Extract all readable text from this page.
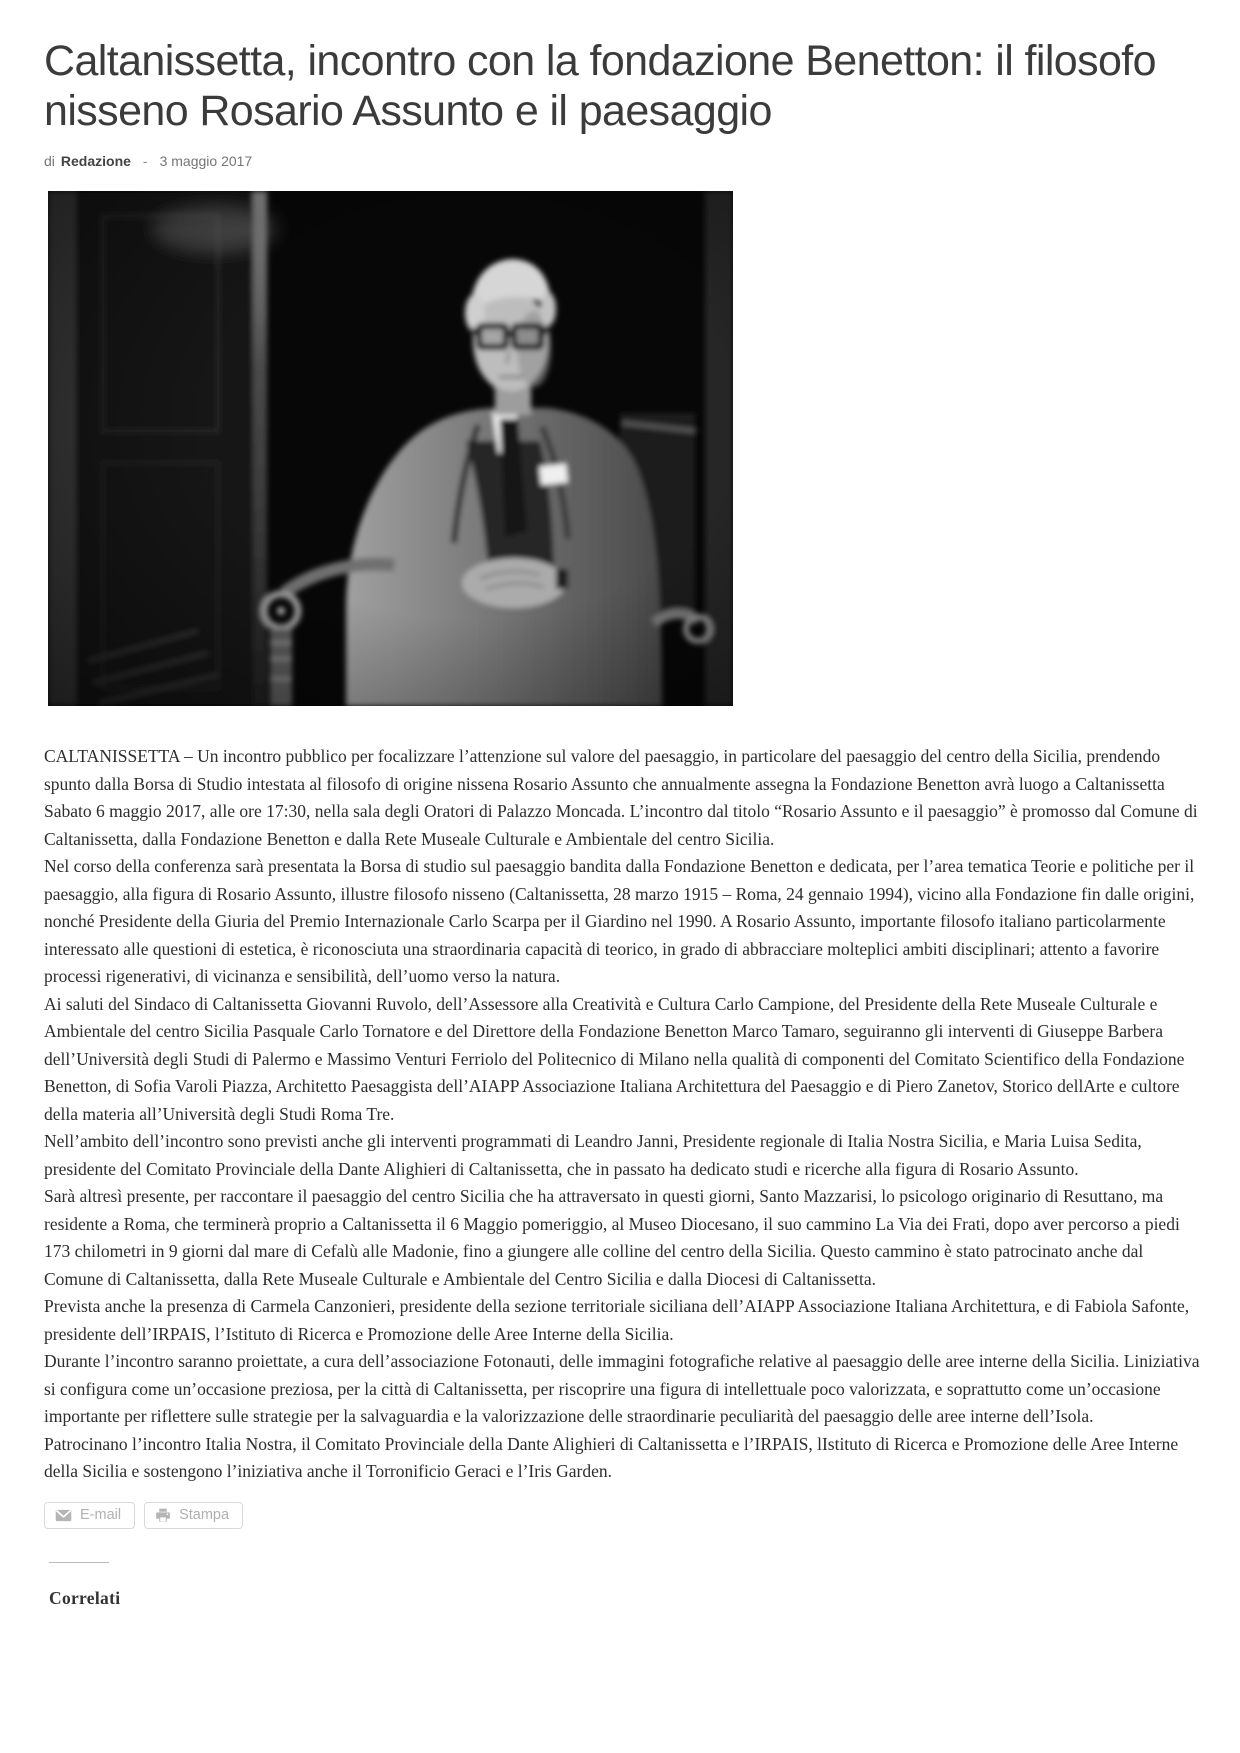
Caltanissetta, incontro con la fondazione Benetton: il filosofo nisseno Rosario Assunto e il paesaggio
di Redazione - 3 maggio 2017

CALTANISSETTA – Un incontro pubblico per focalizzare l’attenzione sul valore del paesaggio, in particolare del paesaggio del centro della Sicilia, prendendo spunto dalla Borsa di Studio intestata al filosofo di origine nissena Rosario Assunto che annualmente assegna la Fondazione Benetton avrà luogo a Caltanissetta Sabato 6 maggio 2017, alle ore 17:30, nella sala degli Oratori di Palazzo Moncada. L’incontro dal titolo “Rosario Assunto e il paesaggio” è promosso dal Comune di Caltanissetta, dalla Fondazione Benetton e dalla Rete Museale Culturale e Ambientale del centro Sicilia.

Nel corso della conferenza sarà presentata la Borsa di studio sul paesaggio bandita dalla Fondazione Benetton e dedicata, per l’area tematica Teorie e politiche per il paesaggio, alla figura di Rosario Assunto, illustre filosofo nisseno (Caltanissetta, 28 marzo 1915 – Roma, 24 gennaio 1994), vicino alla Fondazione fin dalle origini, nonché Presidente della Giuria del Premio Internazionale Carlo Scarpa per il Giardino nel 1990. A Rosario Assunto, importante filosofo italiano particolarmente interessato alle questioni di estetica, è riconosciuta una straordinaria capacità di teorico, in grado di abbracciare molteplici ambiti disciplinari; attento a favorire processi rigenerativi, di vicinanza e sensibilità, dell’uomo verso la natura.

Ai saluti del Sindaco di Caltanissetta Giovanni Ruvolo, dell’Assessore alla Creatività e Cultura Carlo Campione, del Presidente della Rete Museale Culturale e Ambientale del centro Sicilia Pasquale Carlo Tornatore e del Direttore della Fondazione Benetton Marco Tamaro, seguiranno gli interventi di Giuseppe Barbera dell’Università degli Studi di Palermo e Massimo Venturi Ferriolo del Politecnico di Milano nella qualità di componenti del Comitato Scientifico della Fondazione Benetton, di Sofia Varoli Piazza, Architetto Paesaggista dell’AIAPP Associazione Italiana Architettura del Paesaggio e di Piero Zanetov, Storico dellArte e cultore della materia all’Università degli Studi Roma Tre.

Nell’ambito dell’incontro sono previsti anche gli interventi programmati di Leandro Janni, Presidente regionale di Italia Nostra Sicilia, e Maria Luisa Sedita, presidente del Comitato Provinciale della Dante Alighieri di Caltanissetta, che in passato ha dedicato studi e ricerche alla figura di Rosario Assunto.

Sarà altresì presente, per raccontare il paesaggio del centro Sicilia che ha attraversato in questi giorni, Santo Mazzarisi, lo psicologo originario di Resuttano, ma residente a Roma, che terminerà proprio a Caltanissetta il 6 Maggio pomeriggio, al Museo Diocesano, il suo cammino La Via dei Frati, dopo aver percorso a piedi 173 chilometri in 9 giorni dal mare di Cefalù alle Madonie, fino a giungere alle colline del centro della Sicilia. Questo cammino è stato patrocinato anche dal Comune di Caltanissetta, dalla Rete Museale Culturale e Ambientale del Centro Sicilia e dalla Diocesi di Caltanissetta.

Prevista anche la presenza di Carmela Canzonieri, presidente della sezione territoriale siciliana dell’AIAPP Associazione Italiana Architettura, e di Fabiola Safonte, presidente dell’IRPAIS, l’Istituto di Ricerca e Promozione delle Aree Interne della Sicilia.

Durante l’incontro saranno proiettate, a cura dell’associazione Fotonauti, delle immagini fotografiche relative al paesaggio delle aree interne della Sicilia. Liniziativa si configura come un’occasione preziosa, per la città di Caltanissetta, per riscoprire una figura di intellettuale poco valorizzata, e soprattutto come un’occasione importante per riflettere sulle strategie per la salvaguardia e la valorizzazione delle straordinarie peculiarità del paesaggio delle aree interne dell’Isola.

Patrocinano l’incontro Italia Nostra, il Comitato Provinciale della Dante Alighieri di Caltanissetta e l’IRPAIS, lIstituto di Ricerca e Promozione delle Aree Interne della Sicilia e sostengono l’iniziativa anche il Torronificio Geraci e l’Iris Garden.

E-mail	Stampa
Correlati
